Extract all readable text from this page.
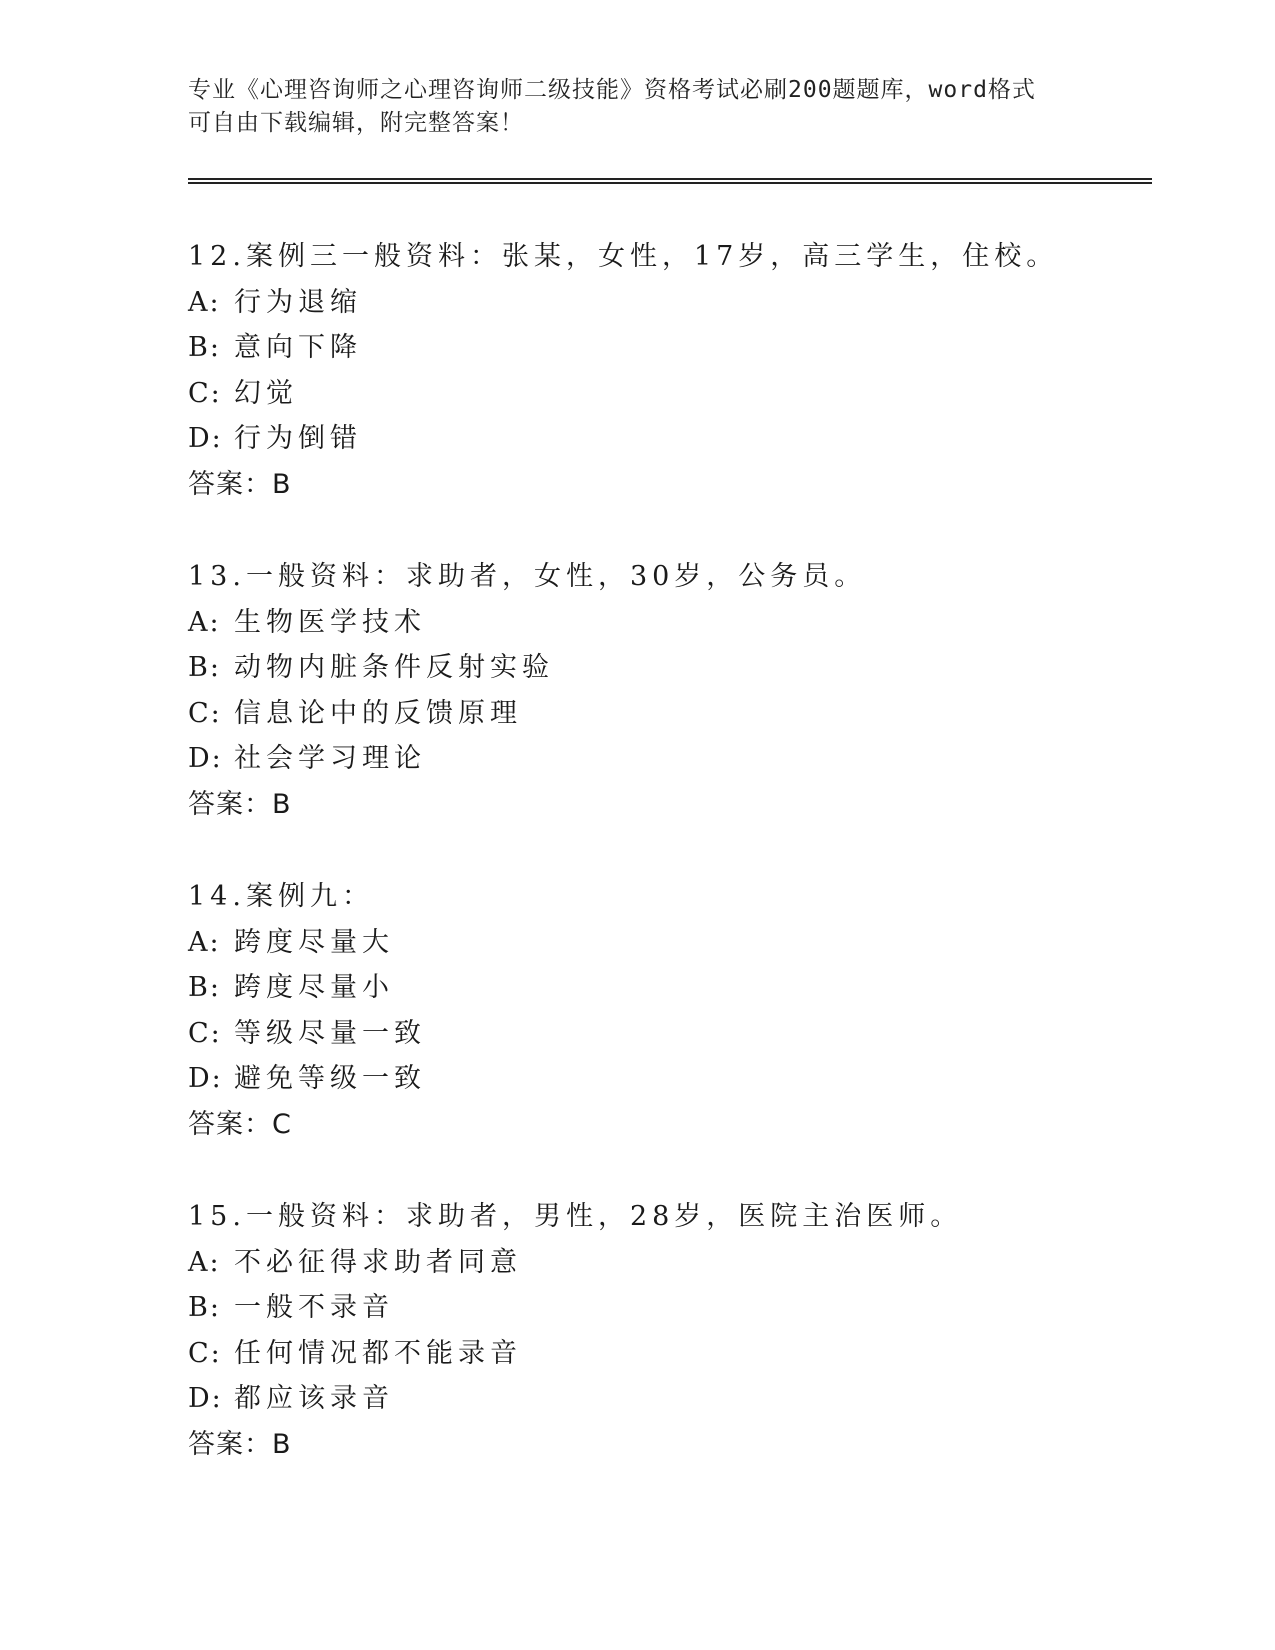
专业《心理咨询师之心理咨询师二级技能》资格考试必刷200题题库，word格式
可自由下载编辑，附完整答案！
12.案例三一般资料：张某，女性，17岁，高三学生，住校。
A: 行为退缩
B: 意向下降
C: 幻觉
D: 行为倒错
答案：B
13.一般资料：求助者，女性，30岁，公务员。
A: 生物医学技术
B: 动物内脏条件反射实验
C: 信息论中的反馈原理
D: 社会学习理论
答案：B
14.案例九：
A: 跨度尽量大
B: 跨度尽量小
C: 等级尽量一致
D: 避免等级一致
答案：C
15.一般资料：求助者，男性，28岁，医院主治医师。
A: 不必征得求助者同意
B: 一般不录音
C: 任何情况都不能录音
D: 都应该录音
答案：B
